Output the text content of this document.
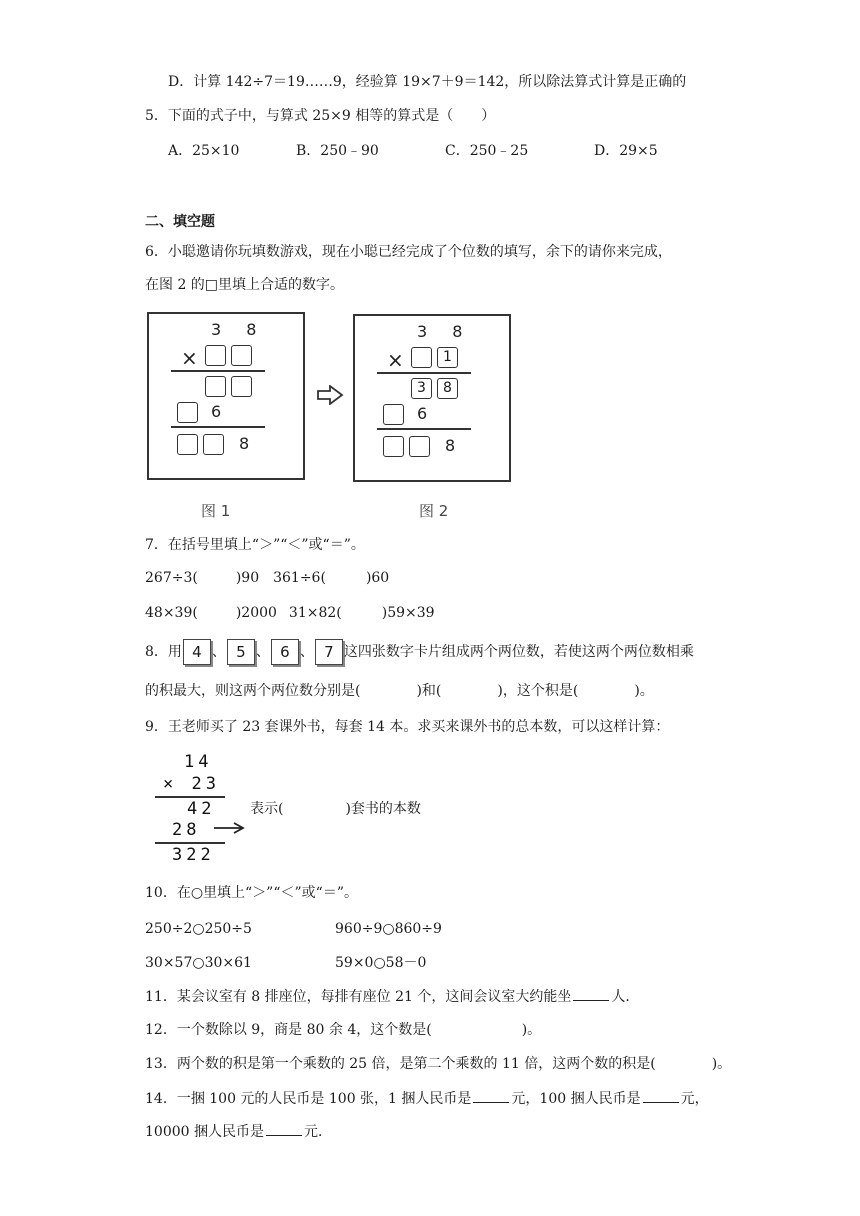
D．计算 142÷7＝19……9，经验算 19×7＋9＝142，所以除法算式计算是正确的
5．下面的式子中，与算式 25×9 相等的算式是（　　）
A．25×10	B．250﹣90	C．250﹣25	D．29×5
二、填空题
6．小聪邀请你玩填数游戏，现在小聪已经完成了个位数的填写，余下的请你来完成，
在图 2 的□里填上合适的数字。
3 8
×
6
8
3 8
×	1
3	8
6
8
图 1	图 2
7．在括号里填上“＞”“＜”或“＝”。
267÷3(	)90 361÷6(	)60
48×39(	)2000 31×82(	)59×39
8．用 4 、 5 、 6 、 7 这四张数字卡片组成两个两位数，若使这两个两位数相乘
的积最大，则这两个两位数分别是(	)和(	)，这个积是(	)。
9．王老师买了 23 套课外书，每套 14 本。求买来课外书的总本数，可以这样计算：
14
× 23
42 表示(	)套书的本数
28
322
10．在○里填上“＞”“＜”或“＝”。
250÷2○250÷5	960÷9○860÷9
30×57○30×61	59×0○58－0
11．某会议室有 8 排座位，每排有座位 21 个，这间会议室大约能坐	人．
12．一个数除以 9，商是 80 余 4，这个数是(	)。
13．两个数的积是第一个乘数的 25 倍，是第二个乘数的 11 倍，这两个数的积是(	)。
14．一捆 100 元的人民币是 100 张，1 捆人民币是	元，100 捆人民币是	元，
10000 捆人民币是	元．
